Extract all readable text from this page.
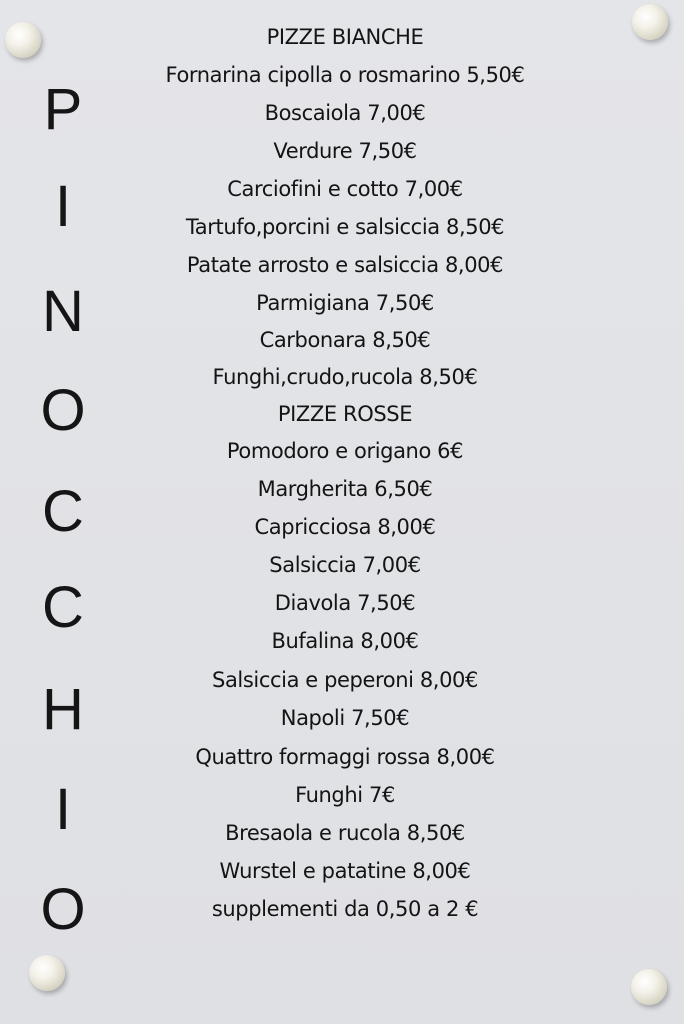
P
I
N
O
C
C
H
I
O
PIZZE BIANCHE
Fornarina cipolla o rosmarino 5,50€
Boscaiola 7,00€
Verdure 7,50€
Carciofini e cotto 7,00€
Tartufo,porcini e salsiccia 8,50€
Patate arrosto e salsiccia 8,00€
Parmigiana 7,50€
Carbonara 8,50€
Funghi,crudo,rucola 8,50€
PIZZE ROSSE
Pomodoro e origano 6€
Margherita 6,50€
Capricciosa 8,00€
Salsiccia 7,00€
Diavola 7,50€
Bufalina 8,00€
Salsiccia e peperoni 8,00€
Napoli 7,50€
Quattro formaggi rossa 8,00€
Funghi 7€
Bresaola e rucola 8,50€
Wurstel e patatine 8,00€
supplementi da 0,50 a 2 €
